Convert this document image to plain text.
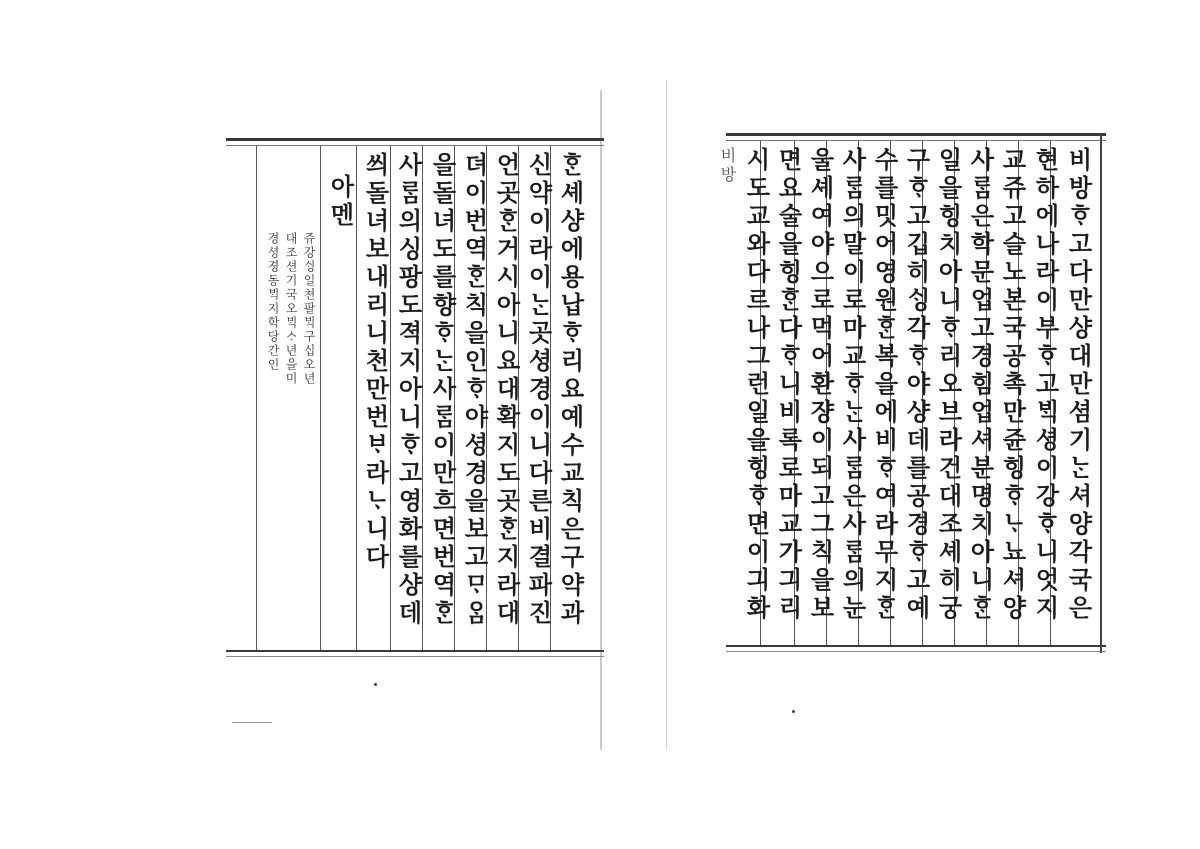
ᄒᆞᆫ셰샹에용납ᄒᆞ리요예수교칙은구약과
신약이라이ᄂᆞᆫ곳셩경이니다른비결파진
언곳ᄒᆞᆫ거시아니요대확지도곳ᄒᆞᆫ지라대
뎌이번역ᄒᆞᆫ칙을인ᄒᆞ야셩경을보고ᄆᆞᄋᆞᆷ
을돌녀도를향ᄒᆞᄂᆞᆫ사ᄅᆞᆷ이만흐면번역ᄒᆞᆫ
사ᄅᆞᆷ의싱팡도젹지아니ᄒᆞ고영화를샹데
씌돌녀보내리니천만번ᄇᆞ라ᄂᆞ니다
아멘
쥬강ᄉᆡᆼ일쳔팔ᄇᆡᆨ구십오년
대조션기국오ᄇᆡᆨᄉᆞ년을미
경셩졍동ᄇᆡᆨ지학당간인	비방ᄒᆞ고다만샹대만셤기ᄂᆞᆫ셔양각국은
현하에나라이부ᄒᆞ고ᄇᆡᆨ셩이강ᄒᆞ니엇지
교쥬고슬노본국공촉만쥰힝ᄒᆞᄂᆞ뇨셔양
사ᄅᆞᆷ은학문업고경힘업셔분명치아니ᄒᆞᆫ
일을힝치아니ᄒᆞ리오브라건대조셰히궁
구ᄒᆞ고깁히ᄉᆡᆼ각ᄒᆞ야샹데를공경ᄒᆞ고예
수를밋어영원ᄒᆞᆫ복을에비ᄒᆞ여라무지ᄒᆞᆫ
사ᄅᆞᆷ의말이로마교ᄒᆞᄂᆞᆫ사ᄅᆞᆷ은사ᄅᆞᆷ의눈
울셰여야으로먹어환쟝이되고그칙을보
면요술을힝ᄒᆞᆫ다ᄒᆞ니비록로마교가긔리
시도교와다르나그런일을힝ᄒᆞ면이긔화
비방
